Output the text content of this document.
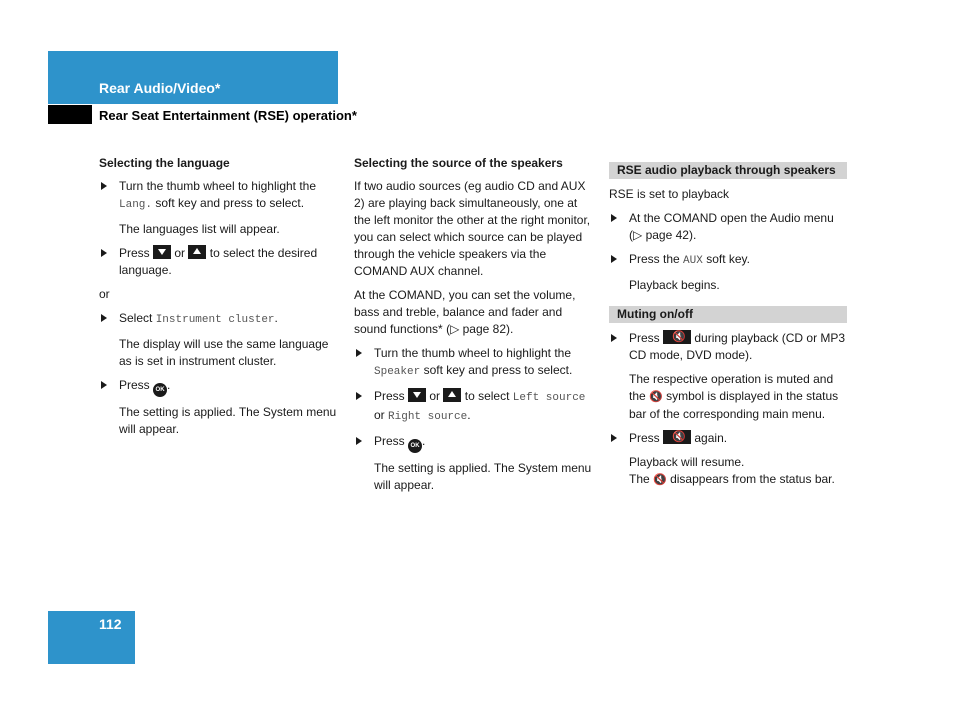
Rear Audio/Video*
Rear Seat Entertainment (RSE) operation*
Selecting the language
Turn the thumb wheel to highlight the Lang. soft key and press to select.

The languages list will appear.

Press or to select the desired language.

or

Select Instrument cluster.

The display will use the same language as is set in instrument cluster.

Press OK .

The setting is applied. The System menu will appear.

Selecting the source of the speakers

If two audio sources (eg audio CD and AUX 2) are playing back simultaneously, one at the left monitor the other at the right monitor, you can select which source can be played through the vehicle speakers via the COMAND AUX channel.

At the COMAND, you can set the volume, bass and treble, balance and fader and sound functions* (▷ page 82).

Turn the thumb wheel to highlight the Speaker soft key and press to select.
Press or to select Left source or Right source.
Press OK .

The setting is applied. The System menu will appear.

RSE audio playback through speakers

RSE is set to playback

At the COMAND open the Audio menu (▷ page 42).
Press the AUX soft key.

Playback begins.

Muting on/off
Press 🔇 during playback (CD or MP3 CD mode, DVD mode).

The respective operation is muted and the 🔇 symbol is displayed in the status bar of the corresponding main menu.

Press 🔇 again.

Playback will resume.
The 🔇 disappears from the status bar.

112
